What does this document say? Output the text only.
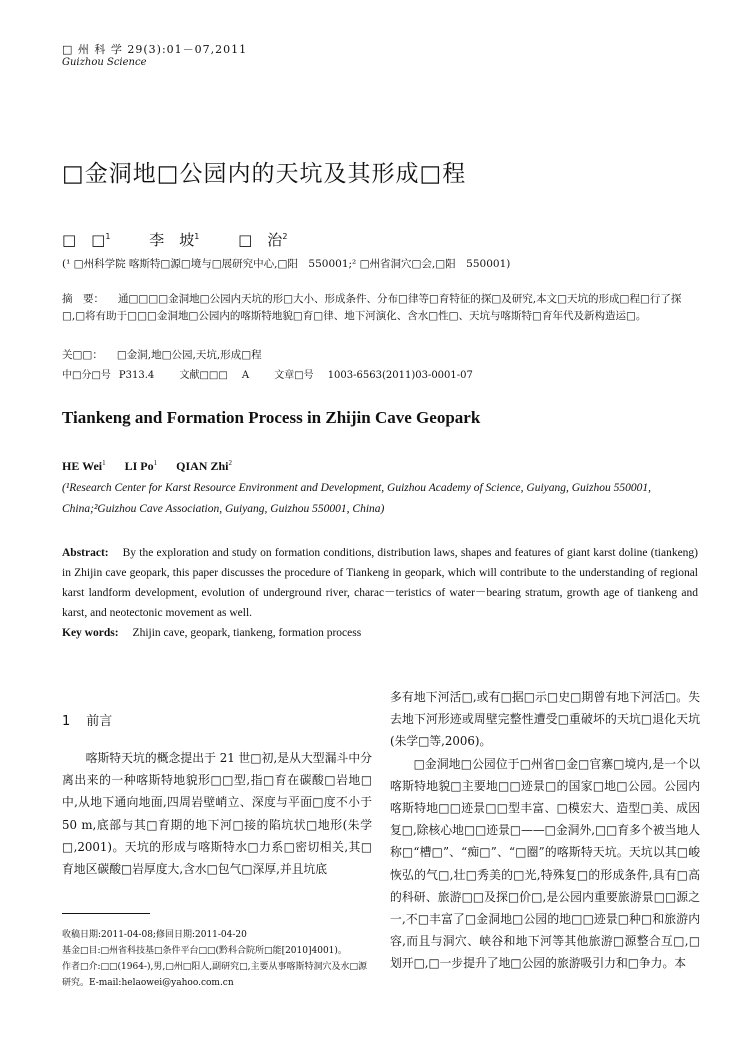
□ 州 科 学 29(3):01－07,2011
Guizhou Science
□金洞地□公园内的天坑及其形成□程
□　□$^1$	李　坡$^1$	□　治$^2$
(¹ □州科学院 喀斯特□源□境与□展研究中心,□阳　550001;² □州省洞穴□会,□阳　550001)
摘　要： 通□□□□金洞地□公园内天坑的形□大小、形成条件、分布□律等□育特征的探□及研究,本文□天坑的形成□程□行了探□,□将有助于□□□金洞地□公园内的喀斯特地貌□育□律、地下河演化、含水□性□、天坑与喀斯特□育年代及新构造运□。
关□□： □金洞,地□公园,天坑,形成□程
中□分□号 P313.4	文献□□□ A	文章□号 1003-6563(2011)03-0001-07
Tiankeng and Formation Process in Zhijin Cave Geopark
HE Wei$^1$ LI Po$^1$ QIAN Zhi$^2$
(¹Research Center for Karst Resource Environment and Development, Guizhou Academy of Science, Guiyang, Guizhou 550001, China;²Guizhou Cave Association, Guiyang, Guizhou 550001, China)
Abstract: By the exploration and study on formation conditions, distribution laws, shapes and features of giant karst doline (tiankeng) in Zhijin cave geopark, this paper discusses the procedure of Tiankeng in geopark, which will contribute to the understanding of regional karst landform development, evolution of underground river, charac－teristics of water－bearing stratum, growth age of tiankeng and karst, and neotectonic movement as well.
Key words: Zhijin cave, geopark, tiankeng, formation process
1 前言

喀斯特天坑的概念提出于 21 世□初,是从大型漏斗中分离出来的一种喀斯特地貌形□□型,指□育在碳酸□岩地□中,从地下通向地面,四周岩壁峭立、深度与平面□度不小于 50 m,底部与其□育期的地下河□接的陷坑状□地形(朱学□,2001)。天坑的形成与喀斯特水□力系□密切相关,其□育地区碳酸□岩厚度大,含水□包气□深厚,并且坑底

多有地下河活□,或有□据□示□史□期曾有地下河活□。失去地下河形迹或周壁完整性遭受□重破坏的天坑□退化天坑(朱学□等,2006)。

□金洞地□公园位于□州省□金□官寨□境内,是一个以喀斯特地貌□主要地□□迹景□的国家□地□公园。公园内喀斯特地□□迹景□□型丰富、□模宏大、造型□美、成因复□,除核心地□□迹景□——□金洞外,□□育多个被当地人称□“槽□”、“痴□”、“□圈”的喀斯特天坑。天坑以其□峻恢弘的气□,壮□秀美的□光,特殊复□的形成条件,具有□高的科研、旅游□□及探□价□,是公园内重要旅游景□□源之一,不□丰富了□金洞地□公园的地□□迹景□种□和旅游内容,而且与洞穴、峡谷和地下河等其他旅游□源整合互□,□划开□,□一步提升了地□公园的旅游吸引力和□争力。本

收稿日期:2011-04-08;修回日期:2011-04-20
基金□目:□州省科技基□条件平台□□(黔科合院所□能[2010]4001)。
作者□介:□□(1964-),男,□州□阳人,副研究□,主要从事喀斯特洞穴及水□源研究。E-mail:helaowei@yahoo.com.cn
